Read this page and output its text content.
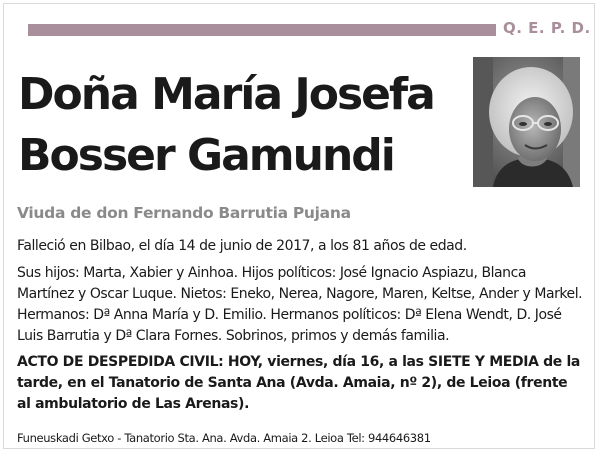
Q. E. P. D.
Doña María Josefa
Bosser Gamundi
Viuda de don Fernando Barrutia Pujana

Falleció en Bilbao, el día 14 de junio de 2017, a los 81 años de edad.

Sus hijos: Marta, Xabier y Ainhoa. Hijos políticos: José Ignacio Aspiazu, Blanca Martínez y Oscar Luque. Nietos: Eneko, Nerea, Nagore, Maren, Keltse, Ander y Markel. Hermanos: Dª Anna María y D. Emilio. Hermanos políticos: Dª Elena Wendt, D. José Luis Barrutia y Dª Clara Fornes. Sobrinos, primos y demás familia.

ACTO DE DESPEDIDA CIVIL: HOY, viernes, día 16, a las SIETE Y MEDIA de la tarde, en el Tanatorio de Santa Ana (Avda. Amaia, nº 2), de Leioa (frente al ambulatorio de Las Arenas).

Funeuskadi Getxo - Tanatorio Sta. Ana. Avda. Amaia 2. Leioa Tel: 944646381
